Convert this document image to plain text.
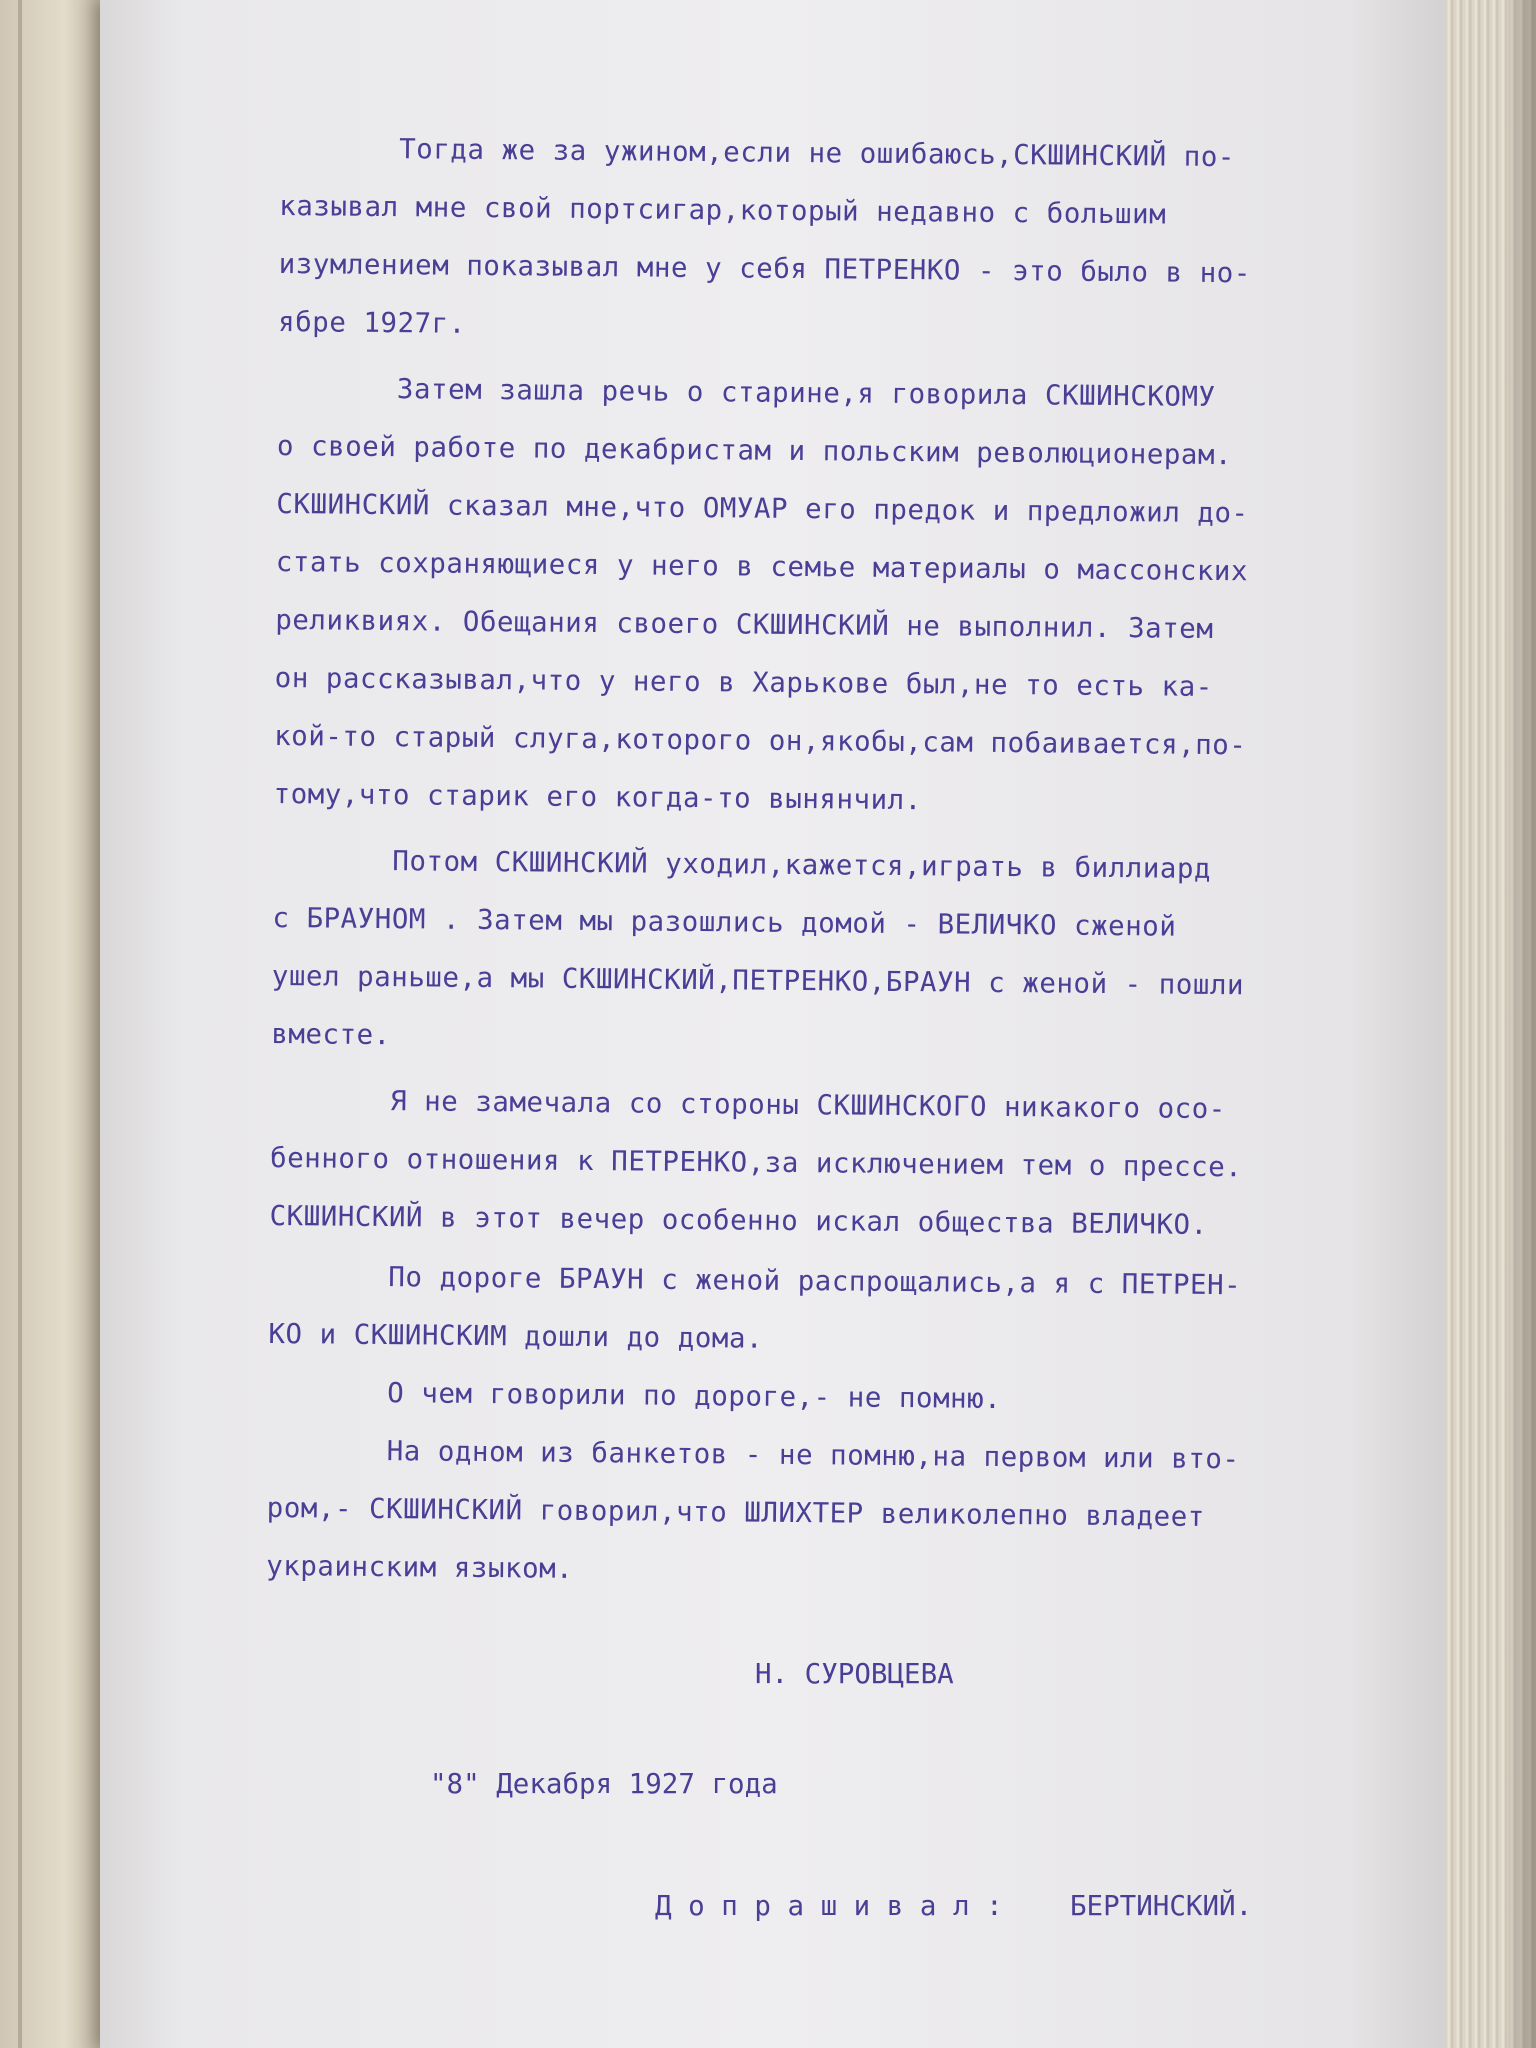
Тогда же за ужином,если не ошибаюсь,СКШИНСКИЙ по-
казывал мне свой портсигар,который недавно с большим
изумлением показывал мне у себя ПЕТРЕНКО - это было в но-
ябре 1927г.
Затем зашла речь о старине,я говорила СКШИНСКОМУ
о своей работе по декабристам и польским революционерам.
СКШИНСКИЙ сказал мне,что ОМУАР его предок и предложил до-
стать сохраняющиеся у него в семье материалы о массонских
реликвиях. Обещания своего СКШИНСКИЙ не выполнил. Затем
он рассказывал,что у него в Харькове был,не то есть ка-
кой-то старый слуга,которого он,якобы,сам побаивается,по-
тому,что старик его когда-то вынянчил.
Потом СКШИНСКИЙ уходил,кажется,играть в биллиард
с БРАУНОМ . Затем мы разошлись домой - ВЕЛИЧКО сженой
ушел раньше,а мы СКШИНСКИЙ,ПЕТРЕНКО,БРАУН с женой - пошли
вместе.
Я не замечала со стороны СКШИНСКОГО никакого осо-
бенного отношения к ПЕТРЕНКО,за исключением тем о прессе.
СКШИНСКИЙ в этот вечер особенно искал общества ВЕЛИЧКО.
По дороге БРАУН с женой распрощались,а я с ПЕТРЕН-
КО и СКШИНСКИМ дошли до дома.
О чем говорили по дороге,- не помню.
На одном из банкетов - не помню,на первом или вто-
ром,- СКШИНСКИЙ говорил,что ШЛИХТЕР великолепно владеет
украинским языком.
Н. СУРОВЦЕВА
"8" Декабря 1927 года
Д о п р а ш и в а л : БЕРТИНСКИЙ.
